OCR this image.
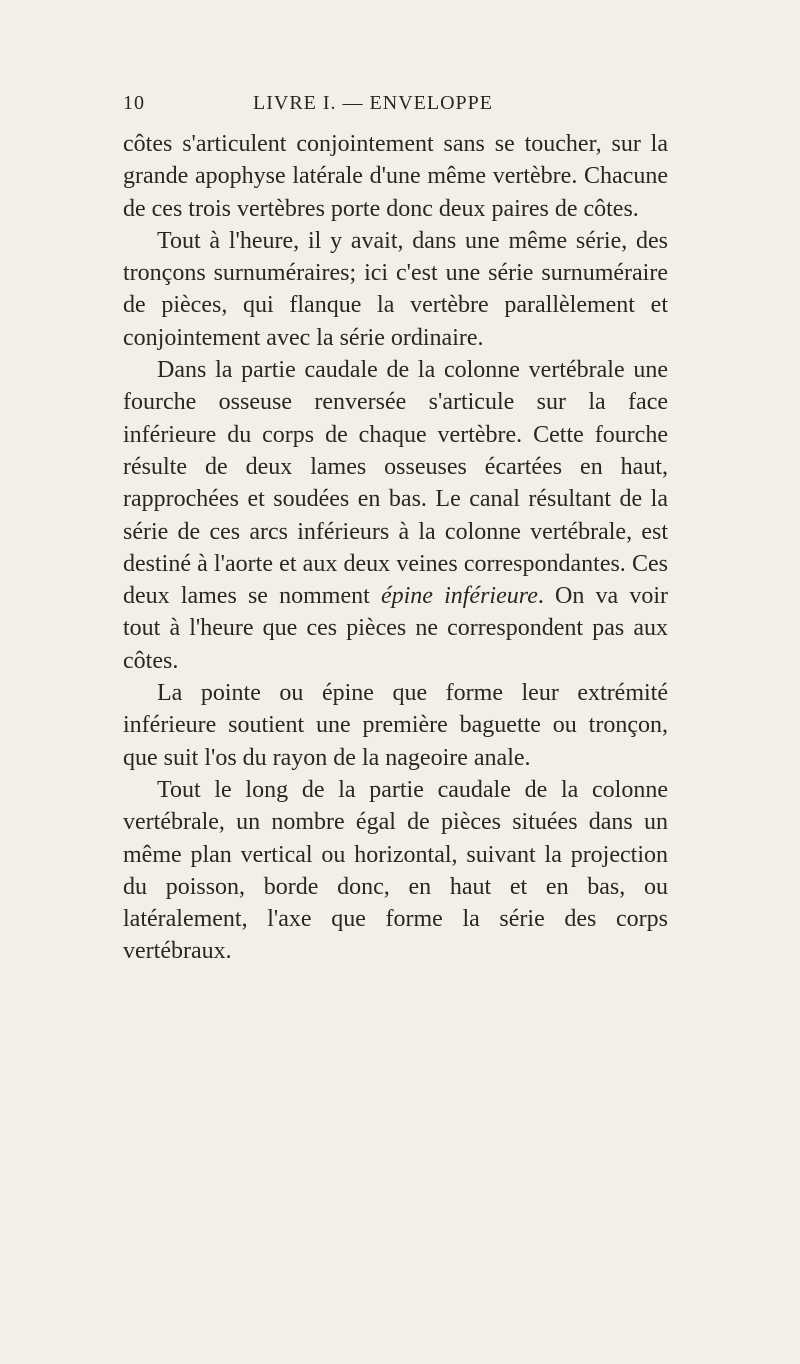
10	LIVRE I. — ENVELOPPE

côtes s'articulent conjointement sans se toucher, sur la grande apophyse latérale d'une même vertèbre. Chacune de ces trois vertèbres porte donc deux paires de côtes.

Tout à l'heure, il y avait, dans une même série, des tronçons surnuméraires; ici c'est une série surnuméraire de pièces, qui flanque la vertèbre parallèlement et conjointement avec la série ordinaire.

Dans la partie caudale de la colonne vertébrale une fourche osseuse renversée s'articule sur la face inférieure du corps de chaque vertèbre. Cette fourche résulte de deux lames osseuses écartées en haut, rapprochées et soudées en bas. Le canal résultant de la série de ces arcs inférieurs à la colonne vertébrale, est destiné à l'aorte et aux deux veines correspondantes. Ces deux lames se nomment épine inférieure. On va voir tout à l'heure que ces pièces ne correspondent pas aux côtes.

La pointe ou épine que forme leur extrémité inférieure soutient une première baguette ou tronçon, que suit l'os du rayon de la nageoire anale.

Tout le long de la partie caudale de la colonne vertébrale, un nombre égal de pièces situées dans un même plan vertical ou horizontal, suivant la projection du poisson, borde donc, en haut et en bas, ou latéralement, l'axe que forme la série des corps vertébraux.
